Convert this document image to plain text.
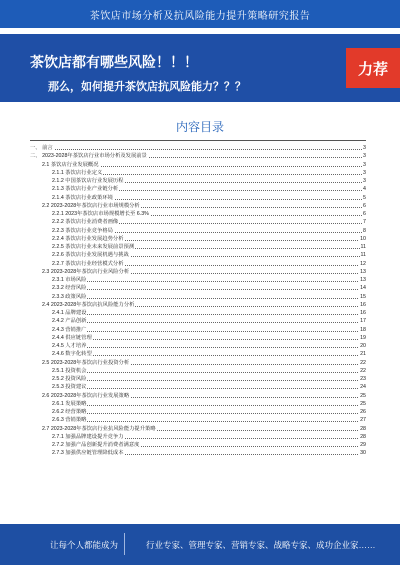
茶饮店市场分析及抗风险能力提升策略研究报告
茶饮店都有哪些风险！！！
那么，如何提升茶饮店抗风险能力？？？
力荐
内容目录
一、 前言	3
二、 2023-2028年茶饮店行业市场分析及发展前景	3
2.1 茶饮店行业发展概况	3
2.1.1 茶饮店行业定义	3
2.1.2 中国茶饮店行业发展历程	3
2.1.3 茶饮店行业产业链分析	4
2.1.4 茶饮店行业政策环境	5
2.2 2023-2028年茶饮店行业市场规模分析	6
2.2.1 2023年茶饮店市场规模增长至 6.3%	6
2.2.2 茶饮店行业消费者画像	7
2.2.3 茶饮店行业竞争格局	8
2.2.4 茶饮店行业发展趋势分析	10
2.2.5 茶饮店行业未来发展前景预测	11
2.2.6 茶饮店行业发展机遇与挑战	11
2.2.7 茶饮店行业经营模式分析	12
2.3 2023-2028年茶饮店行业风险分析	13
2.3.1 市场风险	13
2.3.2 经营风险	14
2.3.3 政策风险	15
2.4 2023-2028年茶饮店抗风险能力分析	16
2.4.1 品牌建设	16
2.4.2 产品创新	17
2.4.3 营销推广	18
2.4.4 供应链管理	19
2.4.5 人才培养	20
2.4.6 数字化转型	21
2.5 2023-2028年茶饮店行业投资分析	22
2.5.1 投资机会	22
2.5.2 投资风险	23
2.5.3 投资建议	24
2.6 2023-2028年茶饮店行业发展策略	25
2.6.1 发展策略	25
2.6.2 经营策略	26
2.6.3 营销策略	27
2.7 2023-2028年茶饮店行业抗风险能力提升策略	28
2.7.1 加强品牌建设提升竞争力	28
2.7.2 加强产品创新提升消费者满意度	29
2.7.3 加强供应链管理降低成本	30
让每个人都能成为	行业专家、管理专家、营销专家、战略专家、成功企业家……
